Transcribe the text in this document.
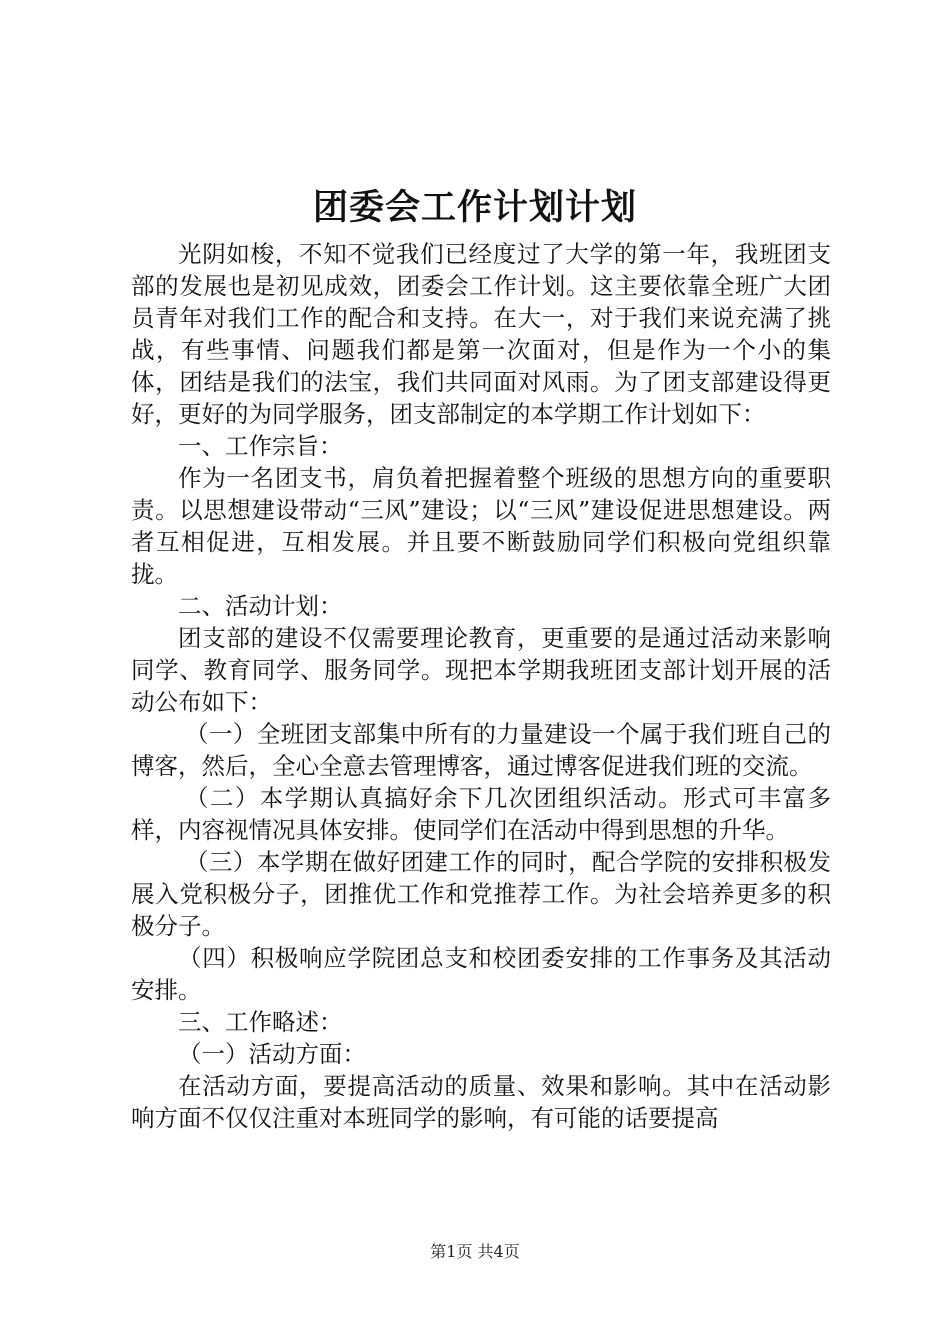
团委会工作计划计划

光阴如梭，不知不觉我们已经度过了大学的第一年，我班团支部的发展也是初见成效，团委会工作计划。这主要依靠全班广大团员青年对我们工作的配合和支持。在大一，对于我们来说充满了挑战，有些事情、问题我们都是第一次面对，但是作为一个小的集体，团结是我们的法宝，我们共同面对风雨。为了团支部建设得更好，更好的为同学服务，团支部制定的本学期工作计划如下：

一、工作宗旨：

作为一名团支书，肩负着把握着整个班级的思想方向的重要职责。以思想建设带动“三风”建设；以“三风”建设促进思想建设。两者互相促进，互相发展。并且要不断鼓励同学们积极向党组织靠拢。

二、活动计划：

团支部的建设不仅需要理论教育，更重要的是通过活动来影响同学、教育同学、服务同学。现把本学期我班团支部计划开展的活动公布如下：

（一）全班团支部集中所有的力量建设一个属于我们班自己的博客，然后，全心全意去管理博客，通过博客促进我们班的交流。

（二）本学期认真搞好余下几次团组织活动。形式可丰富多样，内容视情况具体安排。使同学们在活动中得到思想的升华。

（三）本学期在做好团建工作的同时，配合学院的安排积极发展入党积极分子，团推优工作和党推荐工作。为社会培养更多的积极分子。

（四）积极响应学院团总支和校团委安排的工作事务及其活动安排。

三、工作略述：

（一）活动方面：

在活动方面，要提高活动的质量、效果和影响。其中在活动影响方面不仅仅注重对本班同学的影响，有可能的话要提高

第1页 共4页
